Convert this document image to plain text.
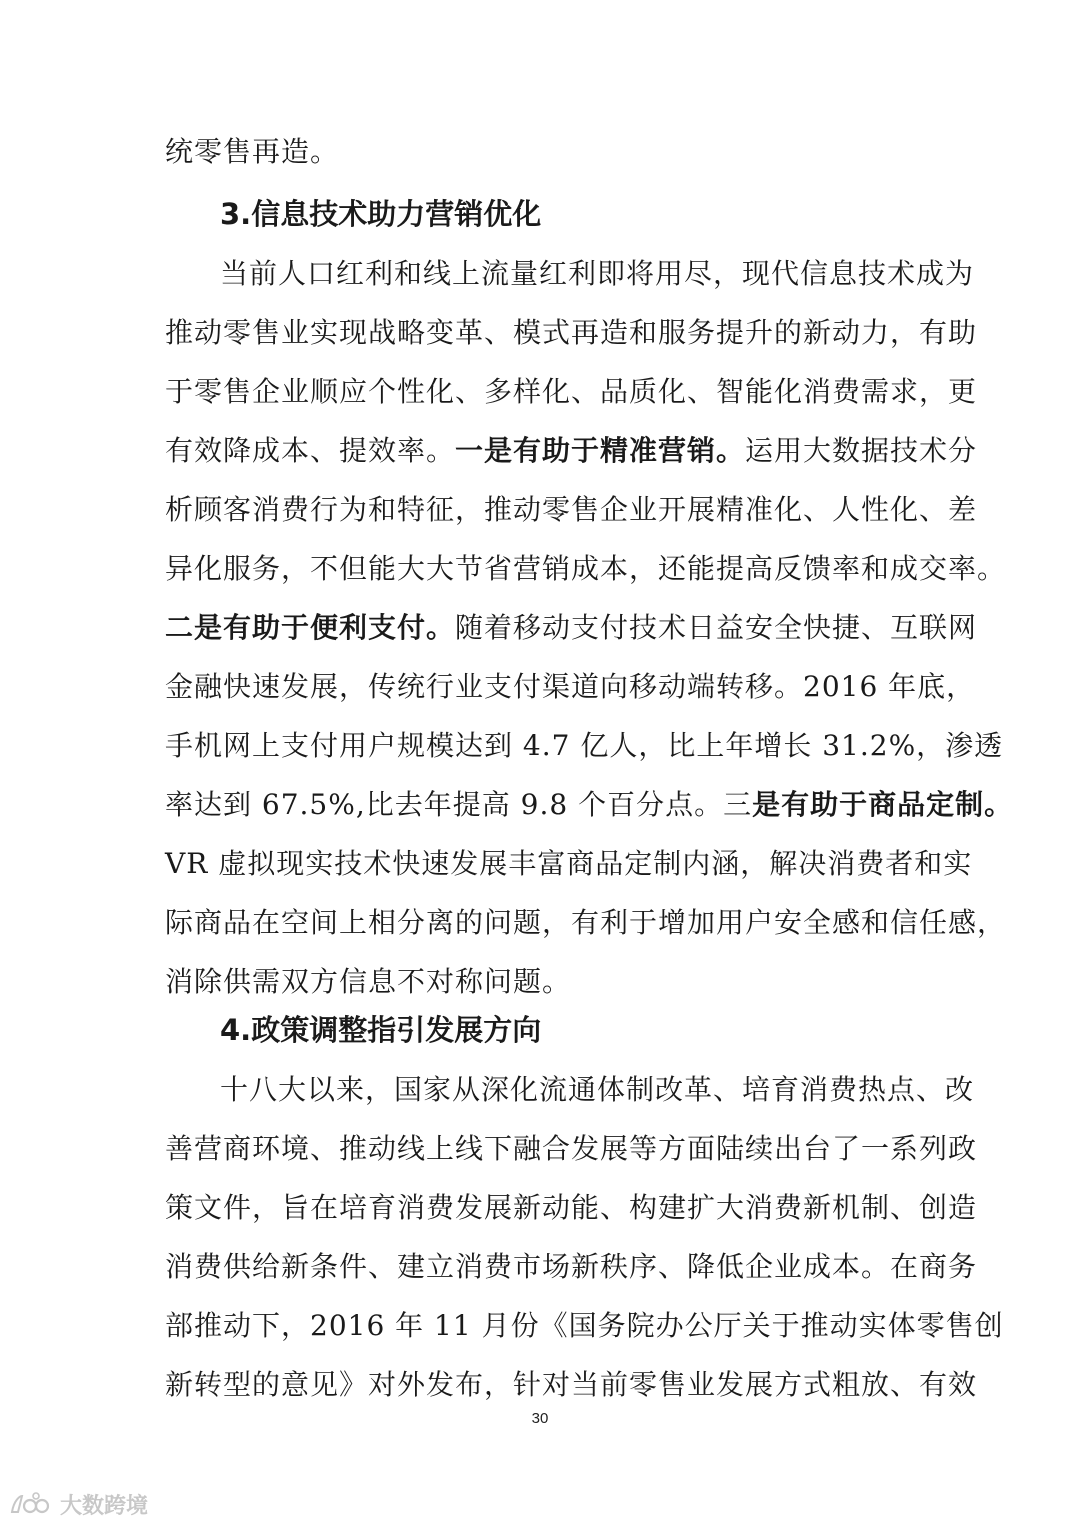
统零售再造。
3.信息技术助力营销优化
当前人口红利和线上流量红利即将用尽，现代信息技术成为
推动零售业实现战略变革、模式再造和服务提升的新动力，有助
于零售企业顺应个性化、多样化、品质化、智能化消费需求，更
有效降成本、提效率。一是有助于精准营销。运用大数据技术分
析顾客消费行为和特征，推动零售企业开展精准化、人性化、差
异化服务，不但能大大节省营销成本，还能提高反馈率和成交率。
二是有助于便利支付。随着移动支付技术日益安全快捷、互联网
金融快速发展，传统行业支付渠道向移动端转移。2016 年底，
手机网上支付用户规模达到 4.7 亿人，比上年增长 31.2%，渗透
率达到 67.5%,比去年提高 9.8 个百分点。三是有助于商品定制。
VR 虚拟现实技术快速发展丰富商品定制内涵，解决消费者和实
际商品在空间上相分离的问题，有利于增加用户安全感和信任感，
消除供需双方信息不对称问题。
4.政策调整指引发展方向
十八大以来，国家从深化流通体制改革、培育消费热点、改
善营商环境、推动线上线下融合发展等方面陆续出台了一系列政
策文件，旨在培育消费发展新动能、构建扩大消费新机制、创造
消费供给新条件、建立消费市场新秩序、降低企业成本。在商务
部推动下，2016 年 11 月份《国务院办公厅关于推动实体零售创
新转型的意见》对外发布，针对当前零售业发展方式粗放、有效
30
大数跨境
